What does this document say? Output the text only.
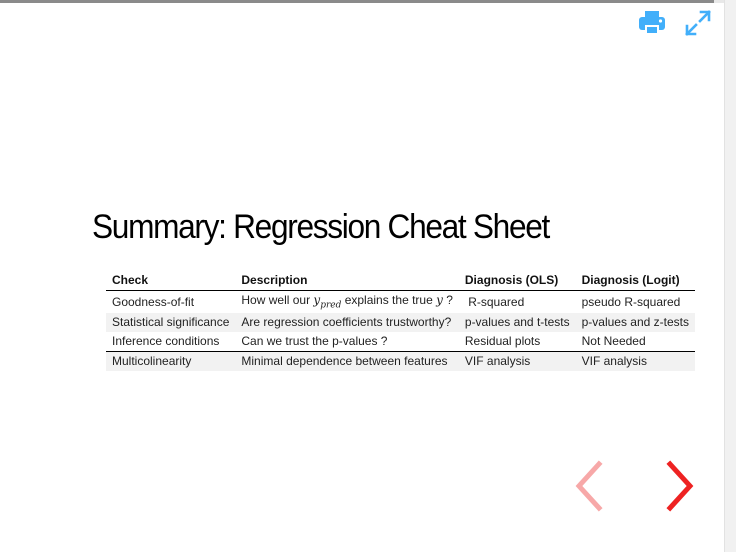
Summary: Regression Cheat Sheet
Check	Description	Diagnosis (OLS)	Diagnosis (Logit)
Goodness-of-fit	How well our $y_{pred}$ explains the true y ?	R-squared	pseudo R-squared
Statistical significance	Are regression coefficients trustworthy?	p-values and t-tests	p-values and z-tests
Inference conditions	Can we trust the p-values ?	Residual plots	Not Needed
Multicolinearity	Minimal dependence between features	VIF analysis	VIF analysis
